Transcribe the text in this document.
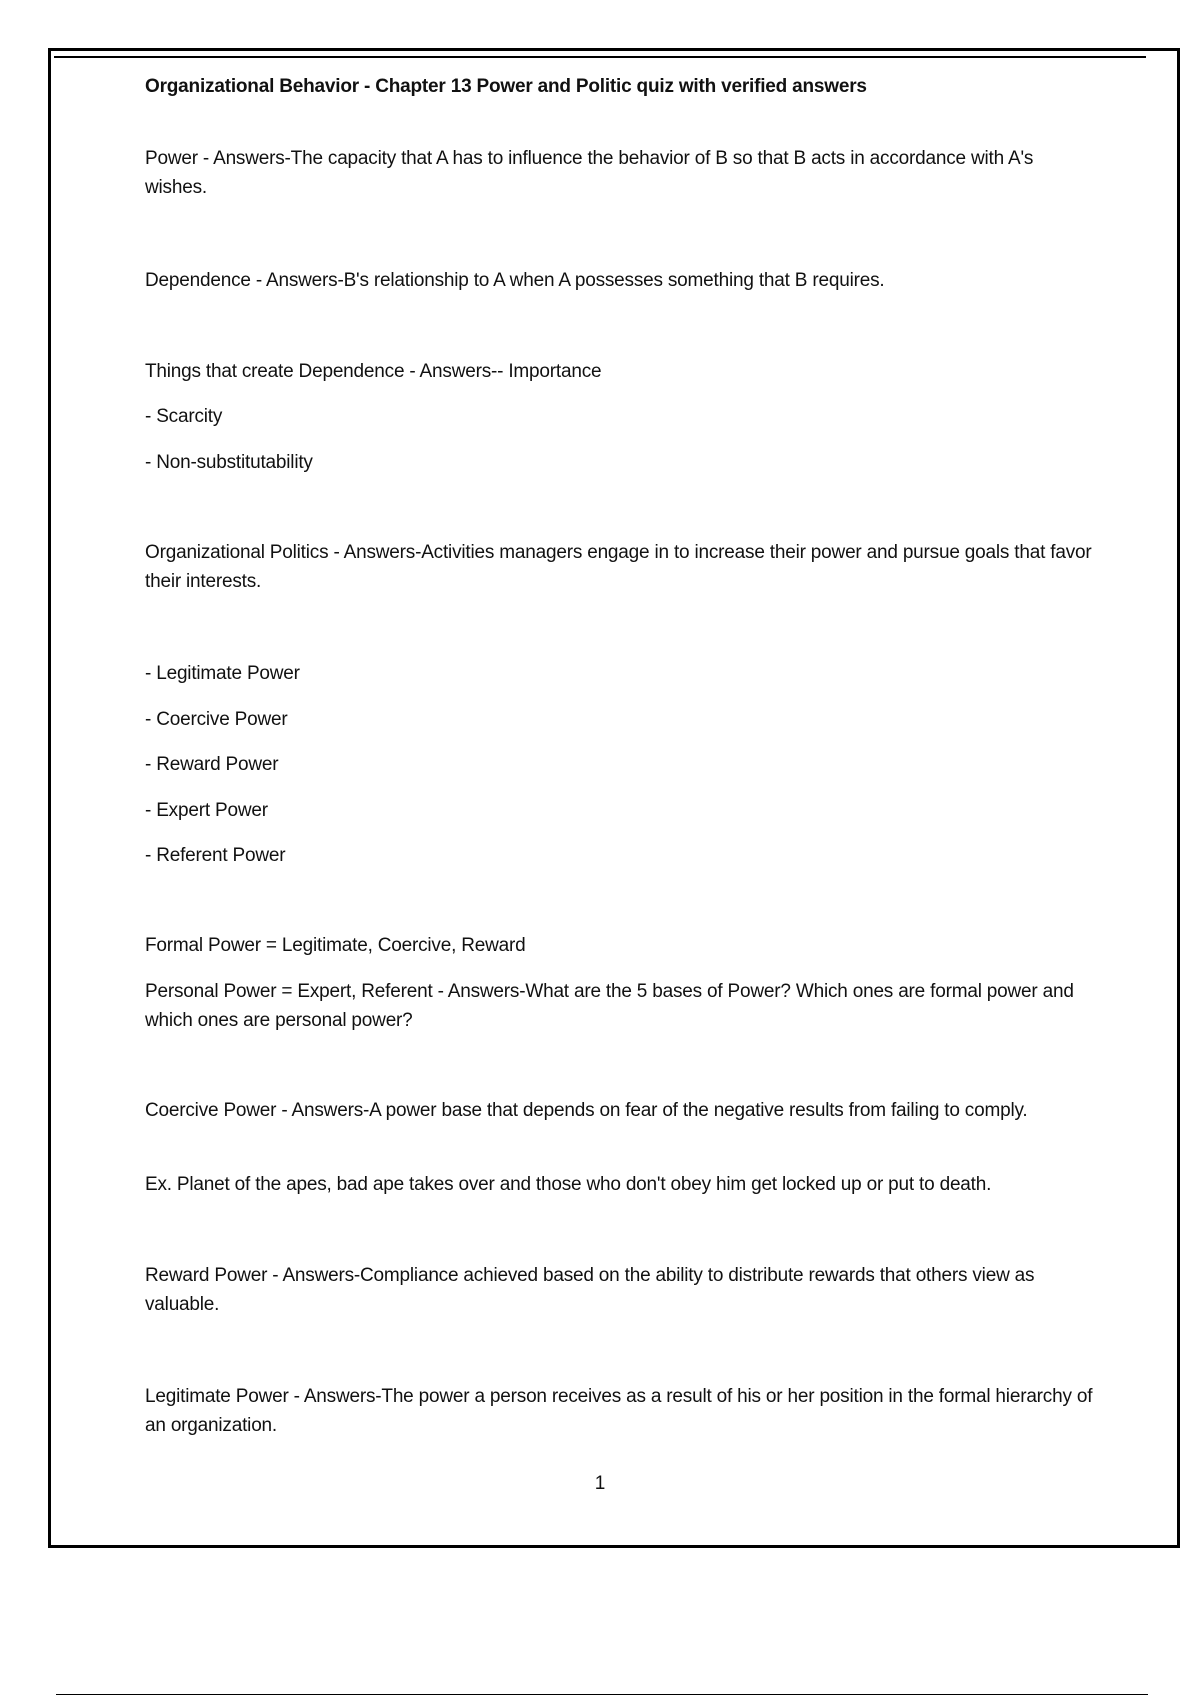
Organizational Behavior - Chapter 13 Power and Politic quiz with verified answers
Power - Answers-The capacity that A has to influence the behavior of B so that B acts in accordance with A's wishes.
Dependence - Answers-B's relationship to A when A possesses something that B requires.
Things that create Dependence - Answers-- Importance
- Scarcity
- Non-substitutability
Organizational Politics - Answers-Activities managers engage in to increase their power and pursue goals that favor their interests.
- Legitimate Power
- Coercive Power
- Reward Power
- Expert Power
- Referent Power
Formal Power = Legitimate, Coercive, Reward
Personal Power = Expert, Referent - Answers-What are the 5 bases of Power? Which ones are formal power and which ones are personal power?
Coercive Power - Answers-A power base that depends on fear of the negative results from failing to comply.
Ex. Planet of the apes, bad ape takes over and those who don't obey him get locked up or put to death.
Reward Power - Answers-Compliance achieved based on the ability to distribute rewards that others view as valuable.
Legitimate Power - Answers-The power a person receives as a result of his or her position in the formal hierarchy of an organization.
1
